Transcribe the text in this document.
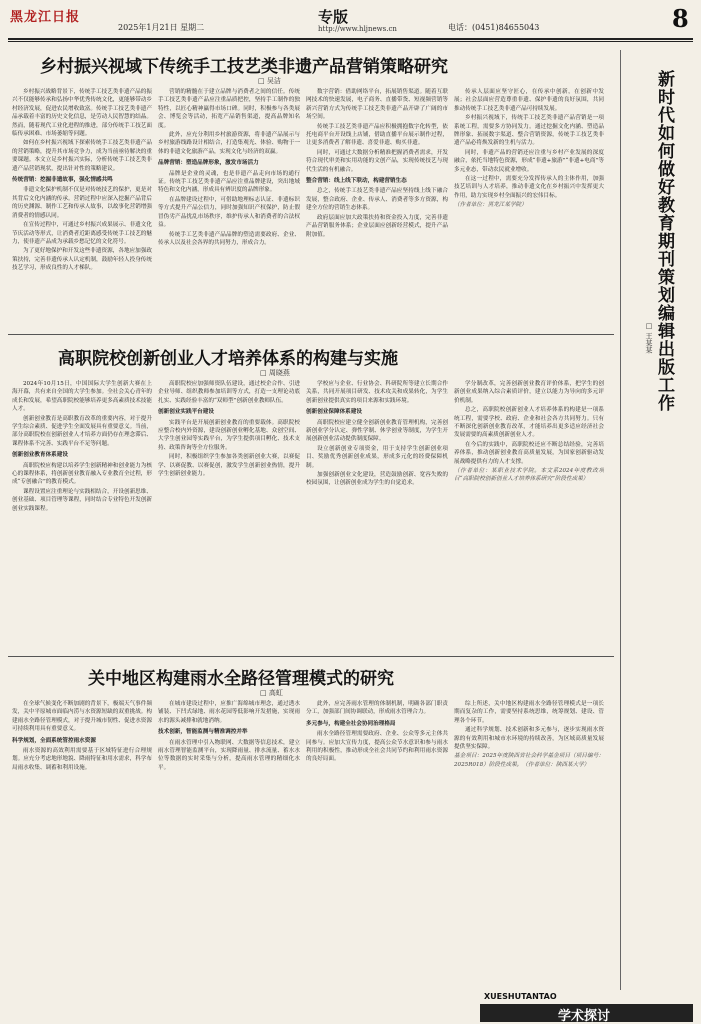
黑龙江日报
2025年1月21日 星期二
专版
http://www.hljnews.cn	电话：(0451)84655043	8
乡村振兴视域下传统手工技艺类非遗产品营销策略研究
□ 吴洁

乡村振兴战略背景下，传统手工技艺类非遗产品的振兴不仅能够传承和弘扬中华优秀传统文化，更能够带动乡村经济发展，促进农民增收致富。传统手工技艺类非遗产品承载着丰富的历史文化信息，是劳动人民智慧的结晶。然而，随着现代工业化进程的推进，部分传统手工技艺面临传承困难、市场萎缩等问题。

如何在乡村振兴视域下探索传统手工技艺类非遗产品的营销策略，提升其市场竞争力，成为当前亟待解决的重要课题。本文立足乡村振兴实际，分析传统手工技艺类非遗产品营销现状，提出针对性的策略建议。

传统营销：挖掘非遗故事，强化情感共鸣

非遗文化保护机制不仅是对传统技艺的保护，更是对其背后文化内涵的传承。营销过程中应深入挖掘产品背后的历史渊源、制作工艺和传承人故事，以故事化营销增强消费者的情感认同。

在宣传过程中，可通过乡村振兴成果展示、非遗文化节庆活动等形式，让消费者近距离感受传统手工技艺的魅力，使非遗产品成为承载乡愁记忆的文化符号。

为了更好地保护和开发这些非遗资源，各地应加强政策扶持，完善非遗传承人认定机制，鼓励年轻人投身传统技艺学习，形成良性的人才梯队。

营销的精髓在于建立品牌与消费者之间的信任。传统手工技艺类非遗产品应注重品质把控，坚持手工制作的独特性，以匠心精神赢得市场口碑。同时，积极参与各类展会、博览会等活动，拓宽产品销售渠道，提高品牌知名度。

此外，应充分利用乡村旅游资源，将非遗产品展示与乡村旅游线路设计相结合，打造集观光、体验、购物于一体的非遗文化旅游产品，实现文化与经济的双赢。

品牌营销：塑造品牌形象，激发市场活力

品牌是企业的灵魂，也是非遗产品走向市场的通行证。传统手工技艺类非遗产品应注重品牌建设，突出地域特色和文化内涵，形成具有辨识度的品牌形象。

在品牌建设过程中，可借助地理标志认证、非遗标识等方式提升产品公信力，同时加强知识产权保护，防止假冒伪劣产品扰乱市场秩序，维护传承人和消费者的合法权益。

传统手工艺类非遗产品品牌的塑造需要政府、企业、传承人以及社会各界的共同努力，形成合力。

数字营销：借助网络平台，拓展销售渠道。随着互联网技术的快速发展，电子商务、直播带货、短视频营销等新兴营销方式为传统手工技艺类非遗产品开辟了广阔的市场空间。

传统手工技艺类非遗产品应积极拥抱数字化转型，依托电商平台开设线上店铺，借助直播平台展示制作过程，让更多消费者了解非遗、喜爱非遗、购买非遗。

同时，可通过大数据分析精准把握消费者需求，开发符合现代审美和实用功能的文创产品，实现传统技艺与现代生活的有机融合。

整合营销：线上线下联动，构建营销生态

总之，传统手工技艺类非遗产品应坚持线上线下融合发展，整合政府、企业、传承人、消费者等多方资源，构建全方位的营销生态体系。

政府层面应加大政策扶持和资金投入力度，完善非遗产品营销服务体系；企业层面应创新经营模式，提升产品附加值。

传承人层面应坚守匠心，在传承中创新，在创新中发展；社会层面应营造尊重非遗、保护非遗的良好氛围，共同推动传统手工技艺类非遗产品可持续发展。

乡村振兴视域下，传统手工技艺类非遗产品营销是一项系统工程，需要多方协同发力。通过挖掘文化内涵、塑造品牌形象、拓展数字渠道、整合营销资源，传统手工技艺类非遗产品必将焕发新的生机与活力。

同时，非遗产品的营销还应注重与乡村产业发展的深度融合，依托当地特色资源，形成“非遗+旅游”“非遗+电商”等多元业态，带动农民就业增收。

在这一过程中，需要充分发挥传承人的主体作用，加强技艺培训与人才培养，推动非遗文化在乡村振兴中发挥更大作用，助力实现乡村全面振兴的宏伟目标。

（作者单位：黑龙江某学院）

高职院校创新创业人才培养体系的构建与实施
□ 周晓燕

2024年10月15日，中国国际大学生创新大赛在上海开幕，共有来自全国的大学生参加。全社会关心青年的成长和发展，希望高职院校能够培养更多高素质技术技能人才。

创新创业教育是高职教育改革的重要内容，对于提升学生综合素质、促进学生全面发展具有重要意义。当前，部分高职院校在创新创业人才培养方面仍存在理念滞后、课程体系不完善、实践平台不足等问题。

创新创业教育体系建设

高职院校应构建以培养学生创新精神和创业能力为核心的课程体系，将创新创业教育融入专业教育全过程，形成“专创融合”的教育模式。

课程设置应注重理论与实践相结合，开设创新思维、创业基础、项目管理等课程，同时结合专业特色开发创新创业实践课程。

高职院校应加强师资队伍建设，通过校企合作、引进企业导师、组织教师参加培训等方式，打造一支理论功底扎实、实践经验丰富的“双师型”创新创业教师队伍。

创新创业实践平台建设

实践平台是开展创新创业教育的重要载体。高职院校应整合校内外资源，建设创新创业孵化基地、众创空间、大学生创业园等实践平台，为学生提供项目孵化、技术支持、政策咨询等全方位服务。

同时，积极组织学生参加各类创新创业大赛，以赛促学、以赛促教、以赛促创，激发学生创新创业热情，提升学生创新创业能力。

学校应与企业、行业协会、科研院所等建立长期合作关系，共同开展项目研发、技术攻关和成果转化，为学生创新创业提供真实的项目来源和实践环境。

创新创业保障体系建设

高职院校应建立健全创新创业教育管理机构，完善创新创业学分认定、弹性学制、休学创业等制度，为学生开展创新创业活动提供制度保障。

设立创新创业专项资金，用于支持学生创新创业项目、奖励优秀创新创业成果，形成多元化的经费保障机制。

加强创新创业文化建设，营造鼓励创新、宽容失败的校园氛围，让创新创业成为学生的自觉追求。

学分制改革，完善创新创业教育评价体系，把学生的创新创业成果纳入综合素质评价，建立以能力为导向的多元评价机制。

总之，高职院校创新创业人才培养体系的构建是一项系统工程，需要学校、政府、企业和社会各方共同努力。只有不断深化创新创业教育改革，才能培养出更多适应经济社会发展需要的高素质创新创业人才。

在今后的实践中，高职院校还应不断总结经验，完善培养体系，推动创新创业教育高质量发展，为国家创新驱动发展战略提供有力的人才支撑。

（作者单位：某职业技术学院。本文系2024年度教改项目“高职院校创新创业人才培养体系研究”阶段性成果）

关中地区构建雨水全路径管理模式的研究
□ 高虹

在全球气候变化不断加剧的背景下，极端天气事件频发，关中平原城市面临内涝与水资源短缺的双重挑战。构建雨水全路径管理模式，对于提升城市韧性、促进水资源可持续利用具有重要意义。

科学规划，全面系统管控雨水资源

雨水资源的高效利用需要基于区域特征进行合理规划。应充分考虑地形地貌、降雨特征和用水需求，科学布局雨水收集、调蓄和利用设施。

在城市建设过程中，应推广海绵城市理念，通过透水铺装、下凹式绿地、雨水花园等低影响开发措施，实现雨水的源头减排和就地消纳。

技术创新，智能监测与精准调控并举

在雨水管理中引入物联网、大数据等信息技术，建立雨水管理智能监测平台，实现降雨量、排水流量、蓄水水位等数据的实时采集与分析，提高雨水管理的精细化水平。

此外，应完善雨水管理的体制机制，明确各部门职责分工，加强部门间协调联动，形成雨水管理合力。

多元参与，构建全社会协同治理格局

雨水全路径管理需要政府、企业、公众等多元主体共同参与。应加大宣传力度，提高公众节水意识和参与雨水利用的积极性，推动形成全社会共同节约和利用雨水资源的良好局面。

综上所述，关中地区构建雨水全路径管理模式是一项长期而复杂的工作，需要坚持系统思维，统筹规划、建设、管理各个环节。

通过科学规划、技术创新和多元参与，逐步实现雨水资源的有效利用和城市水环境的持续改善，为区域高质量发展提供坚实保障。

基金项目：2025年度陕西省社会科学基金项目（项目编号：2025R018）阶段性成果。（作者单位：陕西某大学）

新时代如何做好教育期刊策划编辑出版工作
□ 王某某
XUESHUTANTAO
学术探讨
